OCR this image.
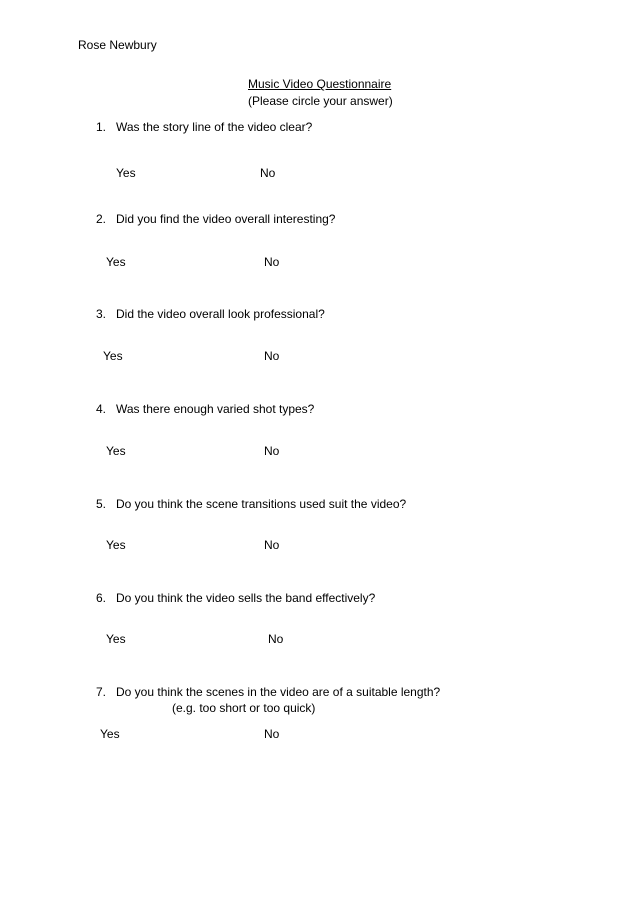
Rose Newbury
Music Video Questionnaire
(Please circle your answer)
1. Was the story line of the video clear?
Yes	No
2. Did you find the video overall interesting?
Yes	No
3. Did the video overall look professional?
Yes	No
4. Was there enough varied shot types?
Yes	No
5. Do you think the scene transitions used suit the video?
Yes	No
6. Do you think the video sells the band effectively?
Yes	No
7. Do you think the scenes in the video are of a suitable length?
(e.g. too short or too quick)
Yes	No
